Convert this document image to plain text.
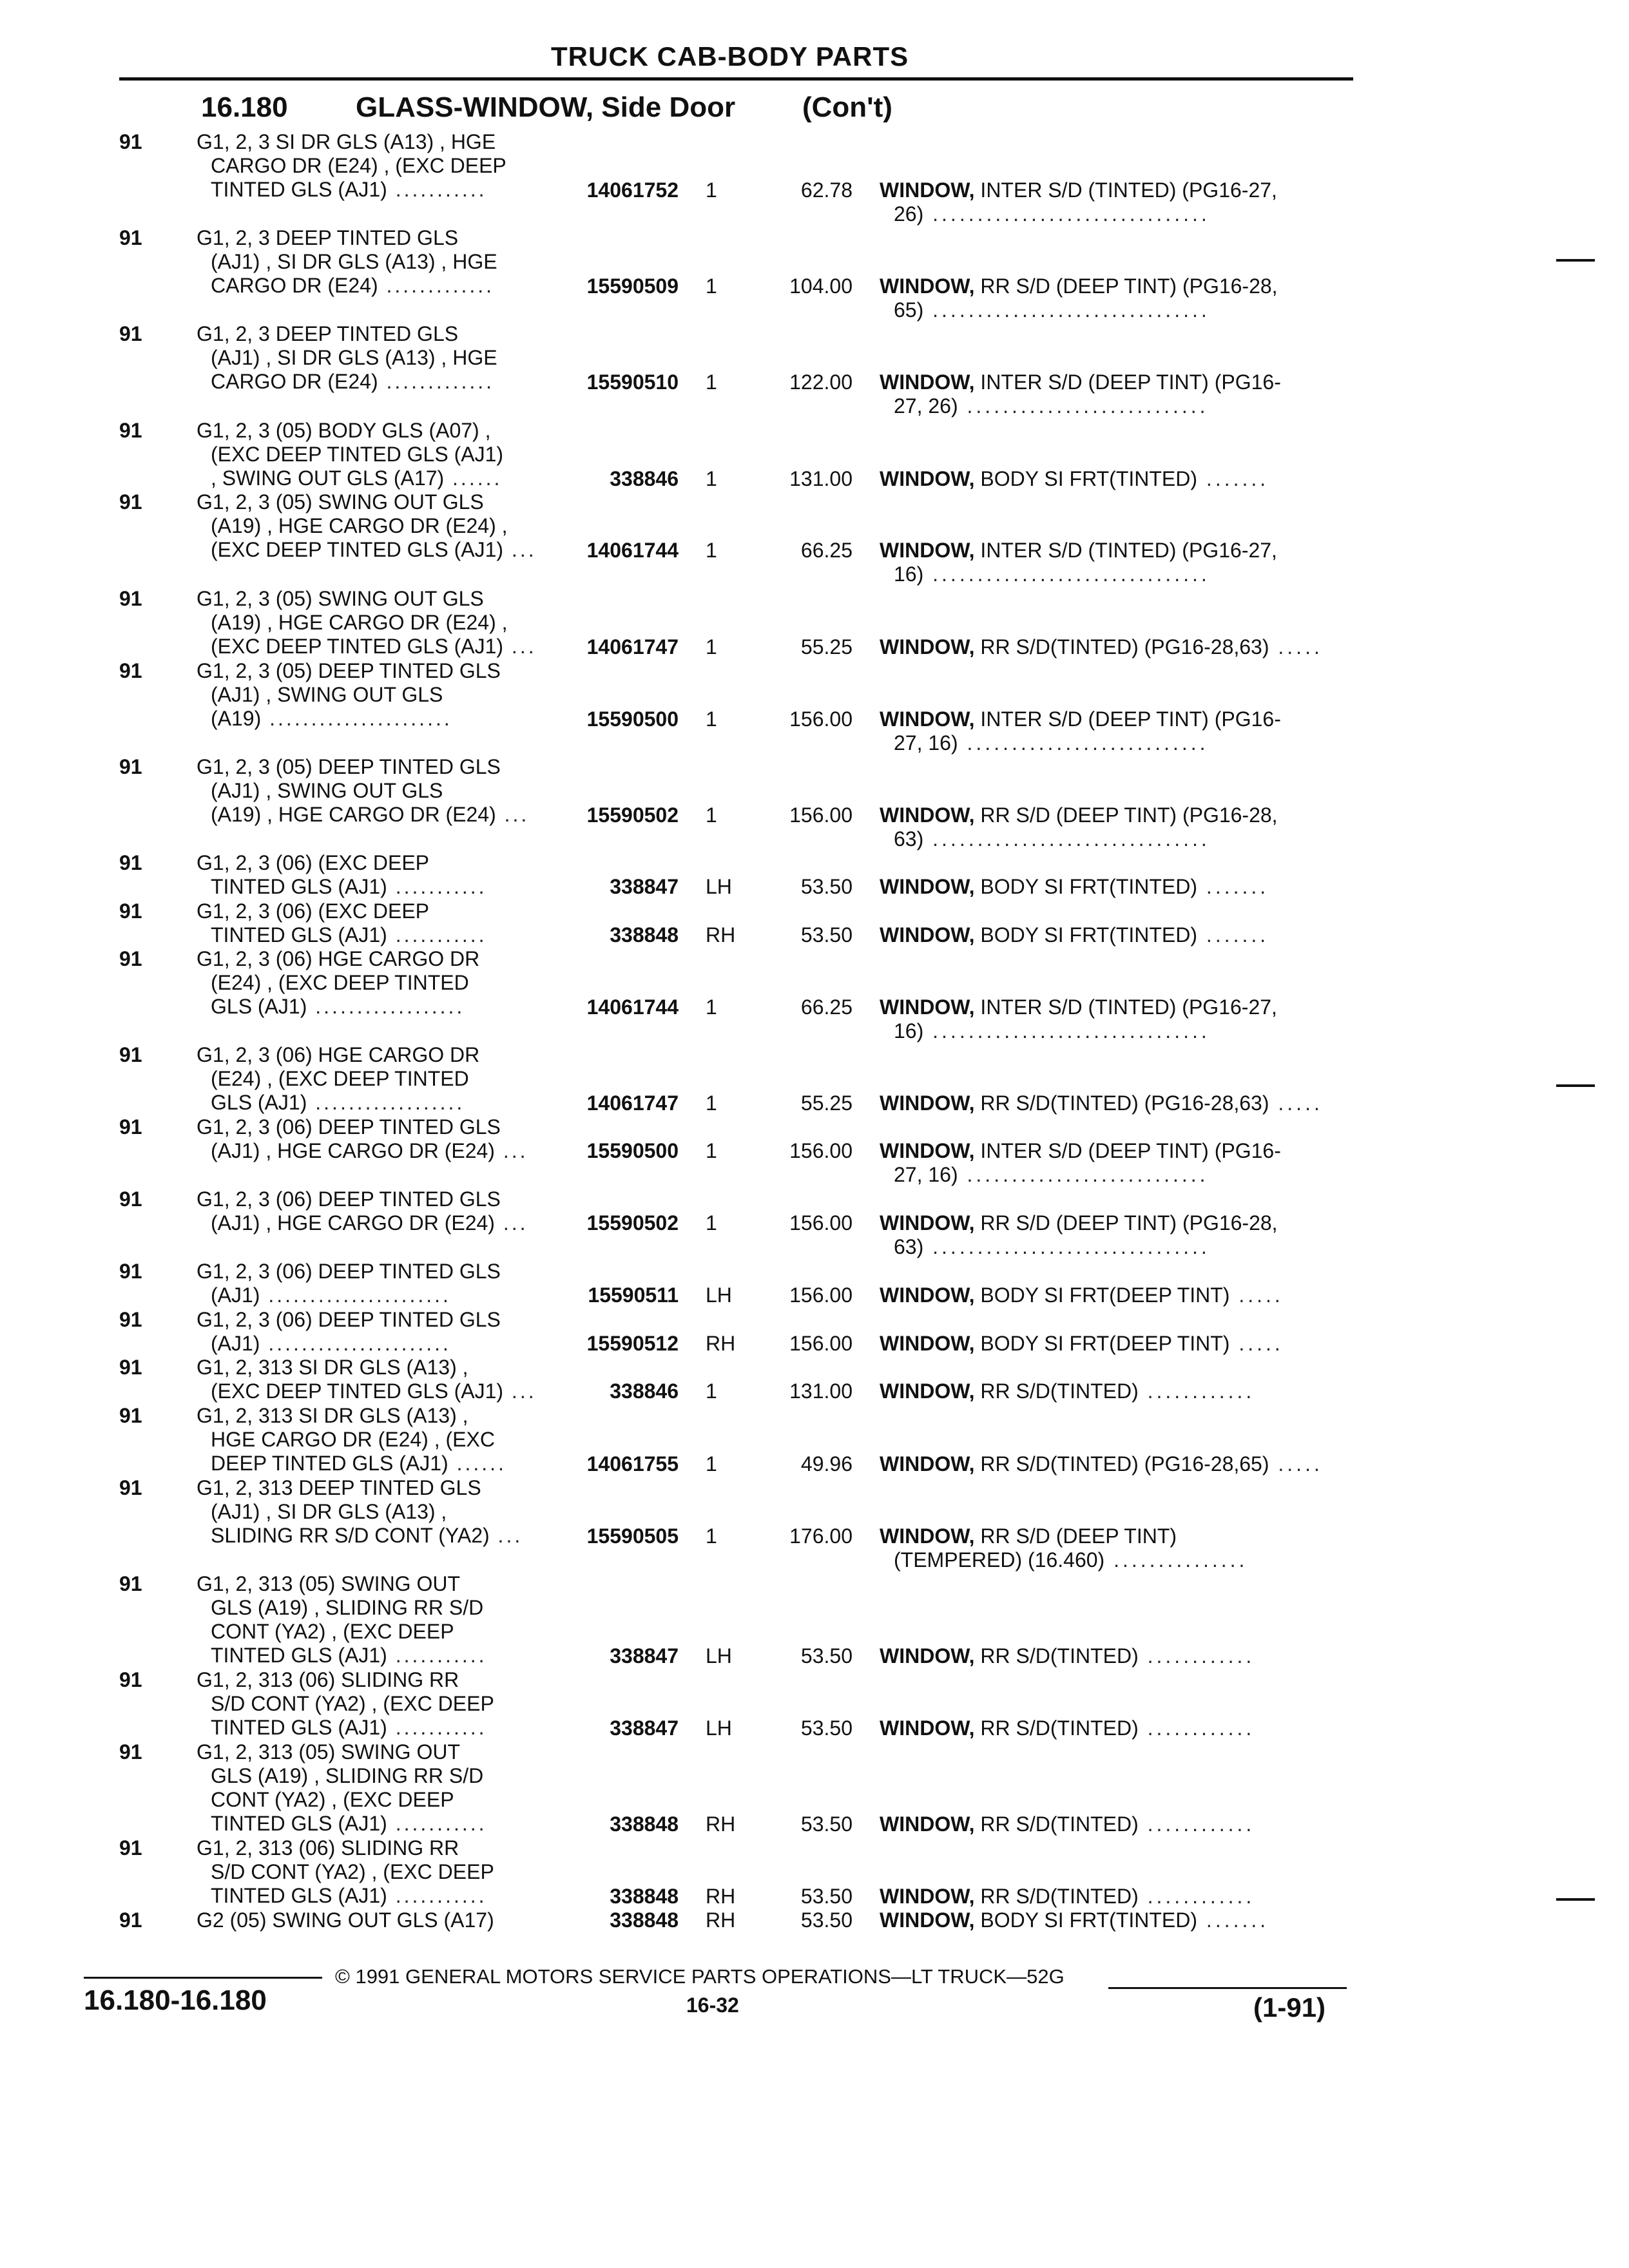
TRUCK CAB-BODY PARTS
16.180 GLASS-WINDOW, Side Door (Con't)
91	G1, 2, 3 SI DR GLS (A13) , HGE
CARGO DR (E24) , (EXC DEEP
TINTED GLS (AJ1) ...........	14061752 1	62.78 WINDOW, INTER S/D (TINTED) (PG16-27,
26) ...............................
91	G1, 2, 3 DEEP TINTED GLS
(AJ1) , SI DR GLS (A13) , HGE
CARGO DR (E24) .............	15590509 1	104.00 WINDOW, RR S/D (DEEP TINT) (PG16-28,
65) ...............................
91	G1, 2, 3 DEEP TINTED GLS
(AJ1) , SI DR GLS (A13) , HGE
CARGO DR (E24) .............	15590510 1	122.00 WINDOW, INTER S/D (DEEP TINT) (PG16-
27, 26) ...........................
91	G1, 2, 3 (05) BODY GLS (A07) ,
(EXC DEEP TINTED GLS (AJ1)
, SWING OUT GLS (A17) ......	338846 1	131.00 WINDOW, BODY SI FRT(TINTED) .......
91	G1, 2, 3 (05) SWING OUT GLS
(A19) , HGE CARGO DR (E24) ,
(EXC DEEP TINTED GLS (AJ1) ...	14061744 1	66.25 WINDOW, INTER S/D (TINTED) (PG16-27,
16) ...............................
91	G1, 2, 3 (05) SWING OUT GLS
(A19) , HGE CARGO DR (E24) ,
(EXC DEEP TINTED GLS (AJ1) ...	14061747 1	55.25 WINDOW, RR S/D(TINTED) (PG16-28,63) .....
91	G1, 2, 3 (05) DEEP TINTED GLS
(AJ1) , SWING OUT GLS
(A19) ......................	15590500 1	156.00 WINDOW, INTER S/D (DEEP TINT) (PG16-
27, 16) ...........................
91	G1, 2, 3 (05) DEEP TINTED GLS
(AJ1) , SWING OUT GLS
(A19) , HGE CARGO DR (E24) ...	15590502 1	156.00 WINDOW, RR S/D (DEEP TINT) (PG16-28,
63) ...............................
91	G1, 2, 3 (06) (EXC DEEP
TINTED GLS (AJ1) ...........	338847 LH	53.50 WINDOW, BODY SI FRT(TINTED) .......
91	G1, 2, 3 (06) (EXC DEEP
TINTED GLS (AJ1) ...........	338848 RH	53.50 WINDOW, BODY SI FRT(TINTED) .......
91	G1, 2, 3 (06) HGE CARGO DR
(E24) , (EXC DEEP TINTED
GLS (AJ1) ..................	14061744 1	66.25 WINDOW, INTER S/D (TINTED) (PG16-27,
16) ...............................
91	G1, 2, 3 (06) HGE CARGO DR
(E24) , (EXC DEEP TINTED
GLS (AJ1) ..................	14061747 1	55.25 WINDOW, RR S/D(TINTED) (PG16-28,63) .....
91	G1, 2, 3 (06) DEEP TINTED GLS
(AJ1) , HGE CARGO DR (E24) ...	15590500 1	156.00 WINDOW, INTER S/D (DEEP TINT) (PG16-
27, 16) ...........................
91	G1, 2, 3 (06) DEEP TINTED GLS
(AJ1) , HGE CARGO DR (E24) ...	15590502 1	156.00 WINDOW, RR S/D (DEEP TINT) (PG16-28,
63) ...............................
91	G1, 2, 3 (06) DEEP TINTED GLS
(AJ1) ......................	15590511 LH	156.00 WINDOW, BODY SI FRT(DEEP TINT) .....
91	G1, 2, 3 (06) DEEP TINTED GLS
(AJ1) ......................	15590512 RH	156.00 WINDOW, BODY SI FRT(DEEP TINT) .....
91	G1, 2, 313 SI DR GLS (A13) ,
(EXC DEEP TINTED GLS (AJ1) ...	338846 1	131.00 WINDOW, RR S/D(TINTED) ............
91	G1, 2, 313 SI DR GLS (A13) ,
HGE CARGO DR (E24) , (EXC
DEEP TINTED GLS (AJ1) ......	14061755 1	49.96 WINDOW, RR S/D(TINTED) (PG16-28,65) .....
91	G1, 2, 313 DEEP TINTED GLS
(AJ1) , SI DR GLS (A13) ,
SLIDING RR S/D CONT (YA2) ...	15590505 1	176.00 WINDOW, RR S/D (DEEP TINT)
(TEMPERED) (16.460) ...............
91	G1, 2, 313 (05) SWING OUT
GLS (A19) , SLIDING RR S/D
CONT (YA2) , (EXC DEEP
TINTED GLS (AJ1) ...........	338847 LH	53.50 WINDOW, RR S/D(TINTED) ............
91	G1, 2, 313 (06) SLIDING RR
S/D CONT (YA2) , (EXC DEEP
TINTED GLS (AJ1) ...........	338847 LH	53.50 WINDOW, RR S/D(TINTED) ............
91	G1, 2, 313 (05) SWING OUT
GLS (A19) , SLIDING RR S/D
CONT (YA2) , (EXC DEEP
TINTED GLS (AJ1) ...........	338848 RH	53.50 WINDOW, RR S/D(TINTED) ............
91	G1, 2, 313 (06) SLIDING RR
S/D CONT (YA2) , (EXC DEEP
TINTED GLS (AJ1) ...........	338848 RH	53.50 WINDOW, RR S/D(TINTED) ............
91	G2 (05) SWING OUT GLS (A17)	338848 RH	53.50 WINDOW, BODY SI FRT(TINTED) .......
© 1991 GENERAL MOTORS SERVICE PARTS OPERATIONS—LT TRUCK—52G
16.180-16.180	16-32	(1-91)
